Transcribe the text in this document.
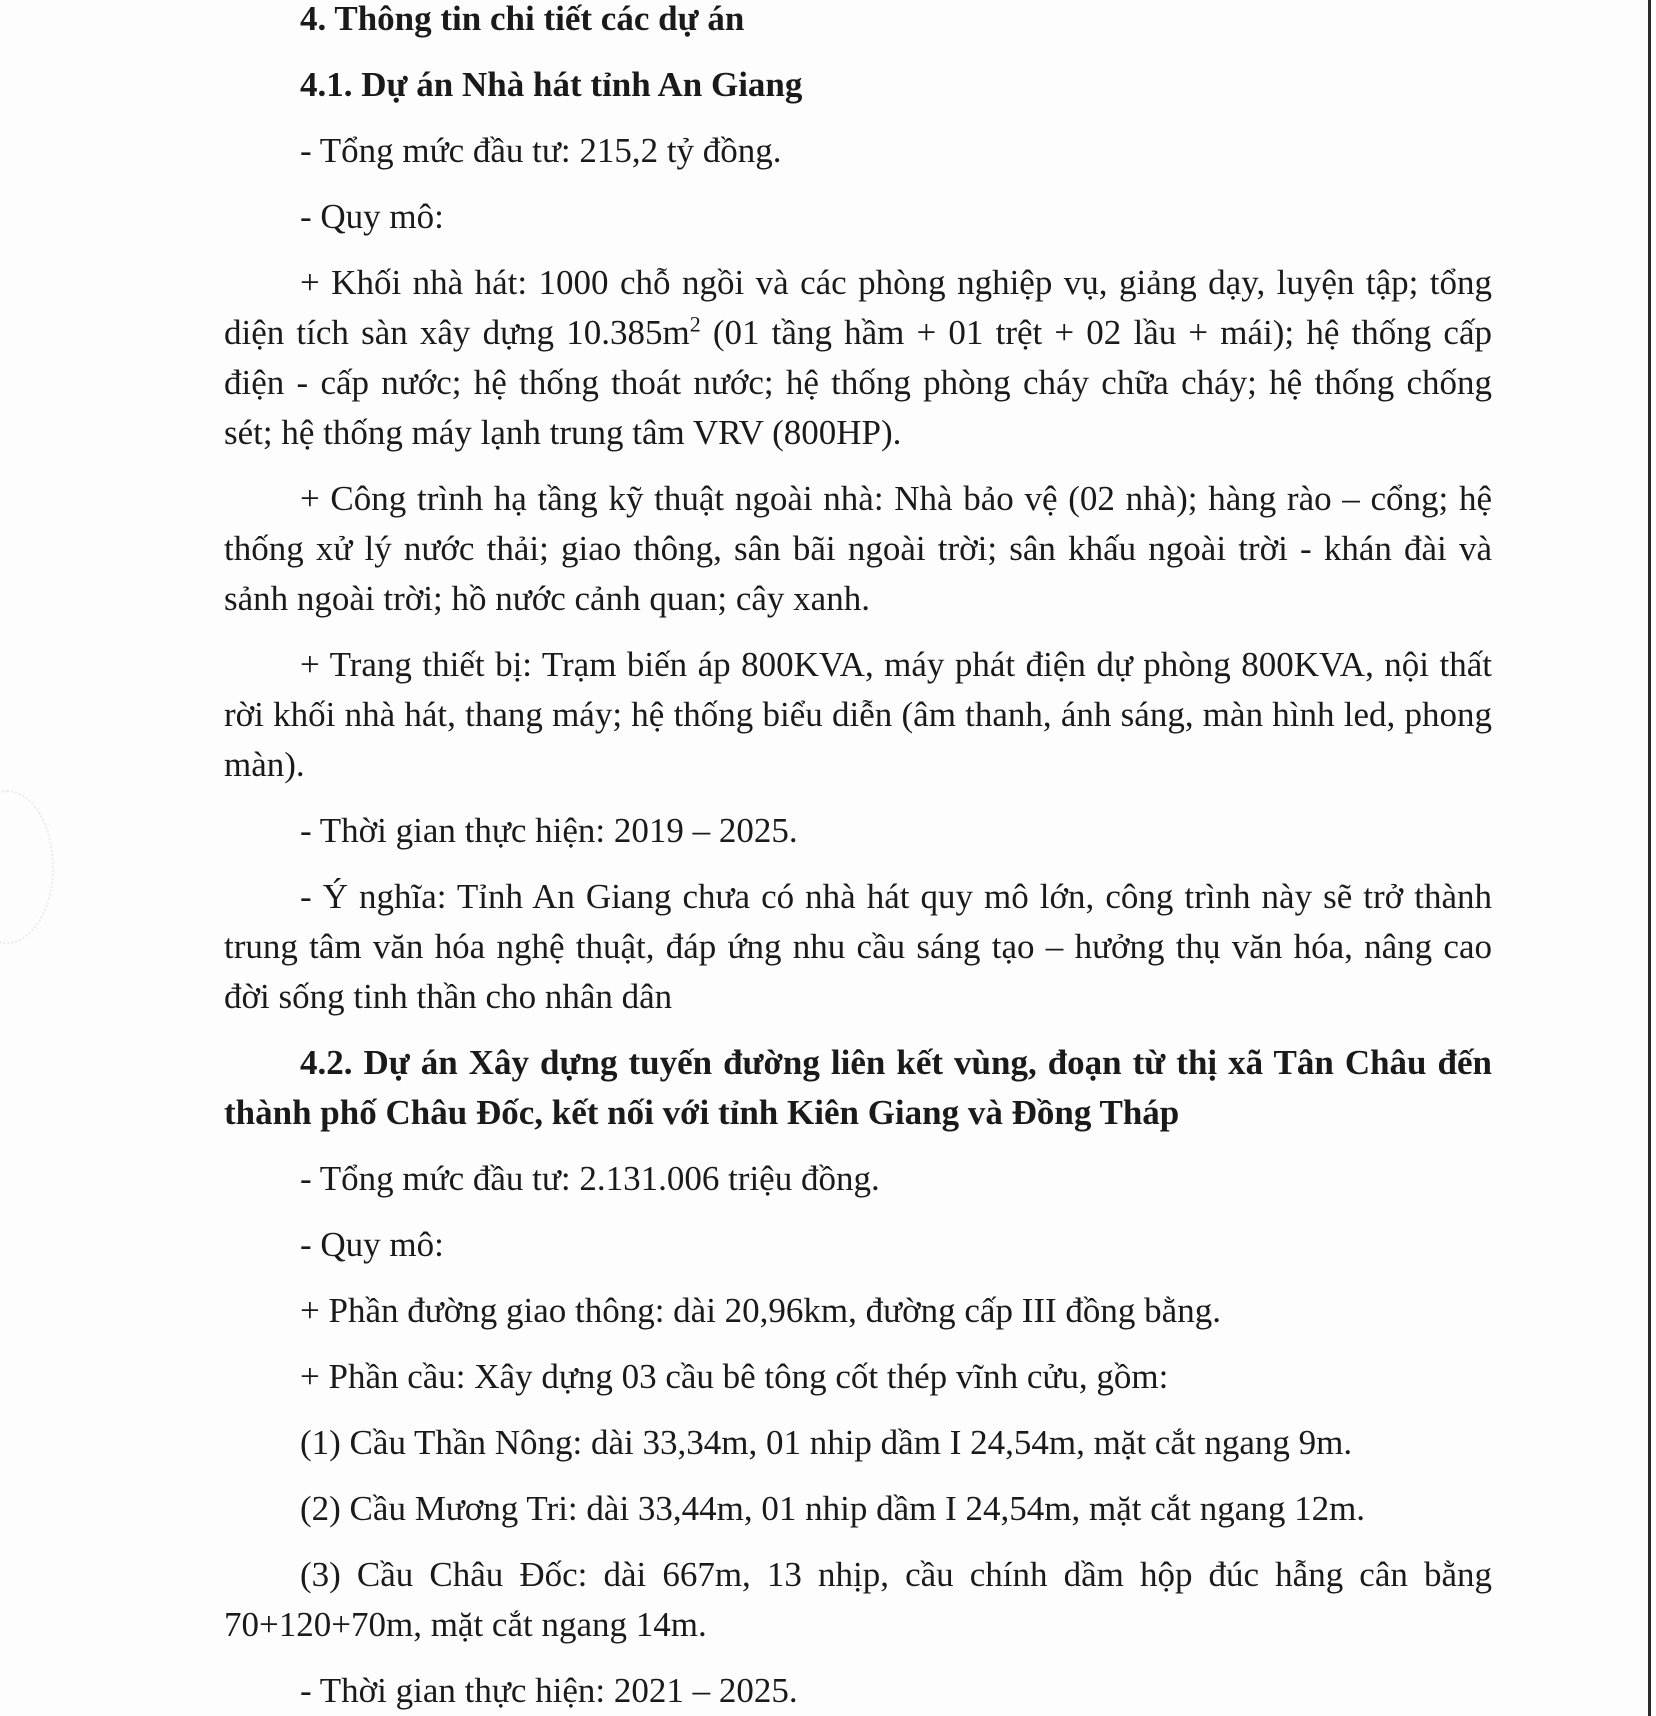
4. Thông tin chi tiết các dự án

4.1. Dự án Nhà hát tỉnh An Giang

- Tổng mức đầu tư: 215,2 tỷ đồng.

- Quy mô:

+ Khối nhà hát: 1000 chỗ ngồi và các phòng nghiệp vụ, giảng dạy, luyện tập; tổng diện tích sàn xây dựng $10.385m^2$ (01 tầng hầm + 01 trệt + 02 lầu + mái); hệ thống cấp điện - cấp nước; hệ thống thoát nước; hệ thống phòng cháy chữa cháy; hệ thống chống sét; hệ thống máy lạnh trung tâm VRV (800HP).

+ Công trình hạ tầng kỹ thuật ngoài nhà: Nhà bảo vệ (02 nhà); hàng rào – cổng; hệ thống xử lý nước thải; giao thông, sân bãi ngoài trời; sân khấu ngoài trời - khán đài và sảnh ngoài trời; hồ nước cảnh quan; cây xanh.

+ Trang thiết bị: Trạm biến áp 800KVA, máy phát điện dự phòng 800KVA, nội thất rời khối nhà hát, thang máy; hệ thống biểu diễn (âm thanh, ánh sáng, màn hình led, phong màn).

- Thời gian thực hiện: 2019 – 2025.

- Ý nghĩa: Tỉnh An Giang chưa có nhà hát quy mô lớn, công trình này sẽ trở thành trung tâm văn hóa nghệ thuật, đáp ứng nhu cầu sáng tạo – hưởng thụ văn hóa, nâng cao đời sống tinh thần cho nhân dân

4.2. Dự án Xây dựng tuyến đường liên kết vùng, đoạn từ thị xã Tân Châu đến thành phố Châu Đốc, kết nối với tỉnh Kiên Giang và Đồng Tháp

- Tổng mức đầu tư: 2.131.006 triệu đồng.

- Quy mô:

+ Phần đường giao thông: dài 20,96km, đường cấp III đồng bằng.

+ Phần cầu: Xây dựng 03 cầu bê tông cốt thép vĩnh cửu, gồm:

(1) Cầu Thần Nông: dài 33,34m, 01 nhip dầm I 24,54m, mặt cắt ngang 9m.

(2) Cầu Mương Tri: dài 33,44m, 01 nhip dầm I 24,54m, mặt cắt ngang 12m.

(3) Cầu Châu Đốc: dài 667m, 13 nhịp, cầu chính dầm hộp đúc hẫng cân bằng 70+120+70m, mặt cắt ngang 14m.

- Thời gian thực hiện: 2021 – 2025.
